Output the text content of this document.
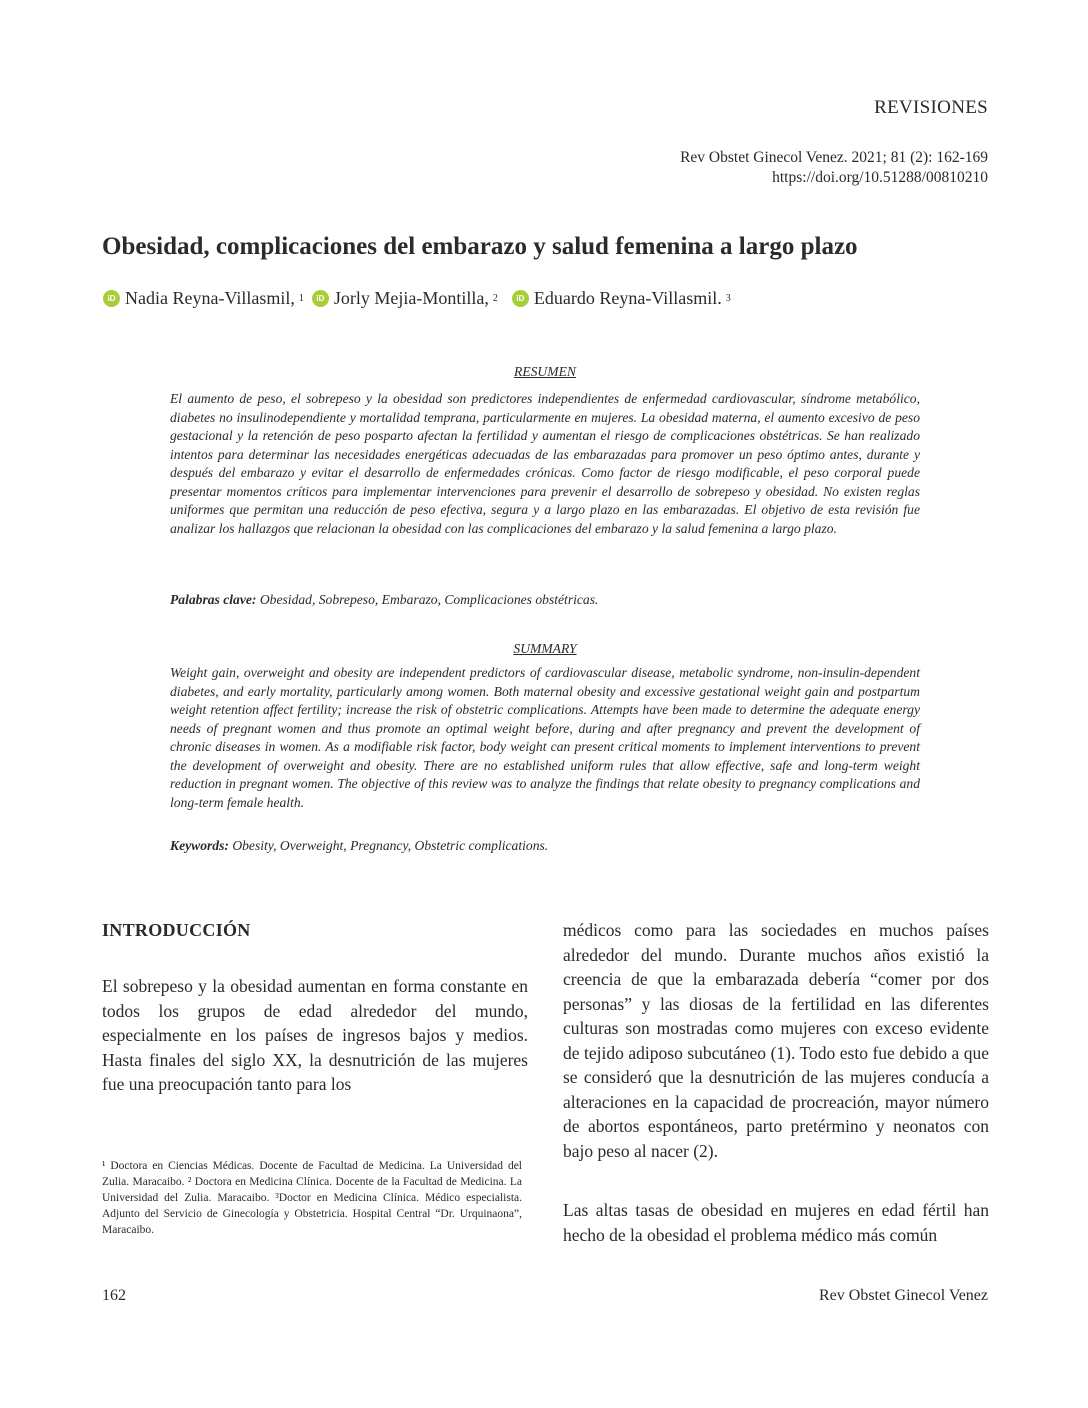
REVISIONES
Rev Obstet Ginecol Venez. 2021; 81 (2): 162-169
https://doi.org/10.51288/00810210
Obesidad, complicaciones del embarazo y salud femenina a largo plazo
iD Nadia Reyna-Villasmil, 1	iD Jorly Mejia-Montilla, 2	iD Eduardo Reyna-Villasmil. 3
RESUMEN
El aumento de peso, el sobrepeso y la obesidad son predictores independientes de enfermedad cardiovascular, síndrome metabólico, diabetes no insulinodependiente y mortalidad temprana, particularmente en mujeres. La obesidad materna, el aumento excesivo de peso gestacional y la retención de peso posparto afectan la fertilidad y aumentan el riesgo de complicaciones obstétricas. Se han realizado intentos para determinar las necesidades energéticas adecuadas de las embarazadas para promover un peso óptimo antes, durante y después del embarazo y evitar el desarrollo de enfermedades crónicas. Como factor de riesgo modificable, el peso corporal puede presentar momentos críticos para implementar intervenciones para prevenir el desarrollo de sobrepeso y obesidad. No existen reglas uniformes que permitan una reducción de peso efectiva, segura y a largo plazo en las embarazadas. El objetivo de esta revisión fue analizar los hallazgos que relacionan la obesidad con las complicaciones del embarazo y la salud femenina a largo plazo.
Palabras clave: Obesidad, Sobrepeso, Embarazo, Complicaciones obstétricas.
SUMMARY
Weight gain, overweight and obesity are independent predictors of cardiovascular disease, metabolic syndrome, non-insulin-dependent diabetes, and early mortality, particularly among women. Both maternal obesity and excessive gestational weight gain and postpartum weight retention affect fertility; increase the risk of obstetric complications. Attempts have been made to determine the adequate energy needs of pregnant women and thus promote an optimal weight before, during and after pregnancy and prevent the development of chronic diseases in women. As a modifiable risk factor, body weight can present critical moments to implement interventions to prevent the development of overweight and obesity. There are no established uniform rules that allow effective, safe and long-term weight reduction in pregnant women. The objective of this review was to analyze the findings that relate obesity to pregnancy complications and long-term female health.
Keywords: Obesity, Overweight, Pregnancy, Obstetric complications.
INTRODUCCIÓN
El sobrepeso y la obesidad aumentan en forma constante en todos los grupos de edad alrededor del mundo, especialmente en los países de ingresos bajos y medios. Hasta finales del siglo XX, la desnutrición de las mujeres fue una preocupación tanto para los
médicos como para las sociedades en muchos países alrededor del mundo. Durante muchos años existió la creencia de que la embarazada debería “comer por dos personas” y las diosas de la fertilidad en las diferentes culturas son mostradas como mujeres con exceso evidente de tejido adiposo subcutáneo (1). Todo esto fue debido a que se consideró que la desnutrición de las mujeres conducía a alteraciones en la capacidad de procreación, mayor número de abortos espontáneos, parto pretérmino y neonatos con bajo peso al nacer (2).
Las altas tasas de obesidad en mujeres en edad fértil han hecho de la obesidad el problema médico más común
¹ Doctora en Ciencias Médicas. Docente de Facultad de Medicina. La Universidad del Zulia. Maracaibo. ² Doctora en Medicina Clínica. Docente de la Facultad de Medicina. La Universidad del Zulia. Maracaibo. ³Doctor en Medicina Clínica. Médico especialista. Adjunto del Servicio de Ginecología y Obstetricia. Hospital Central “Dr. Urquinaona”, Maracaibo.
162	Rev Obstet Ginecol Venez
